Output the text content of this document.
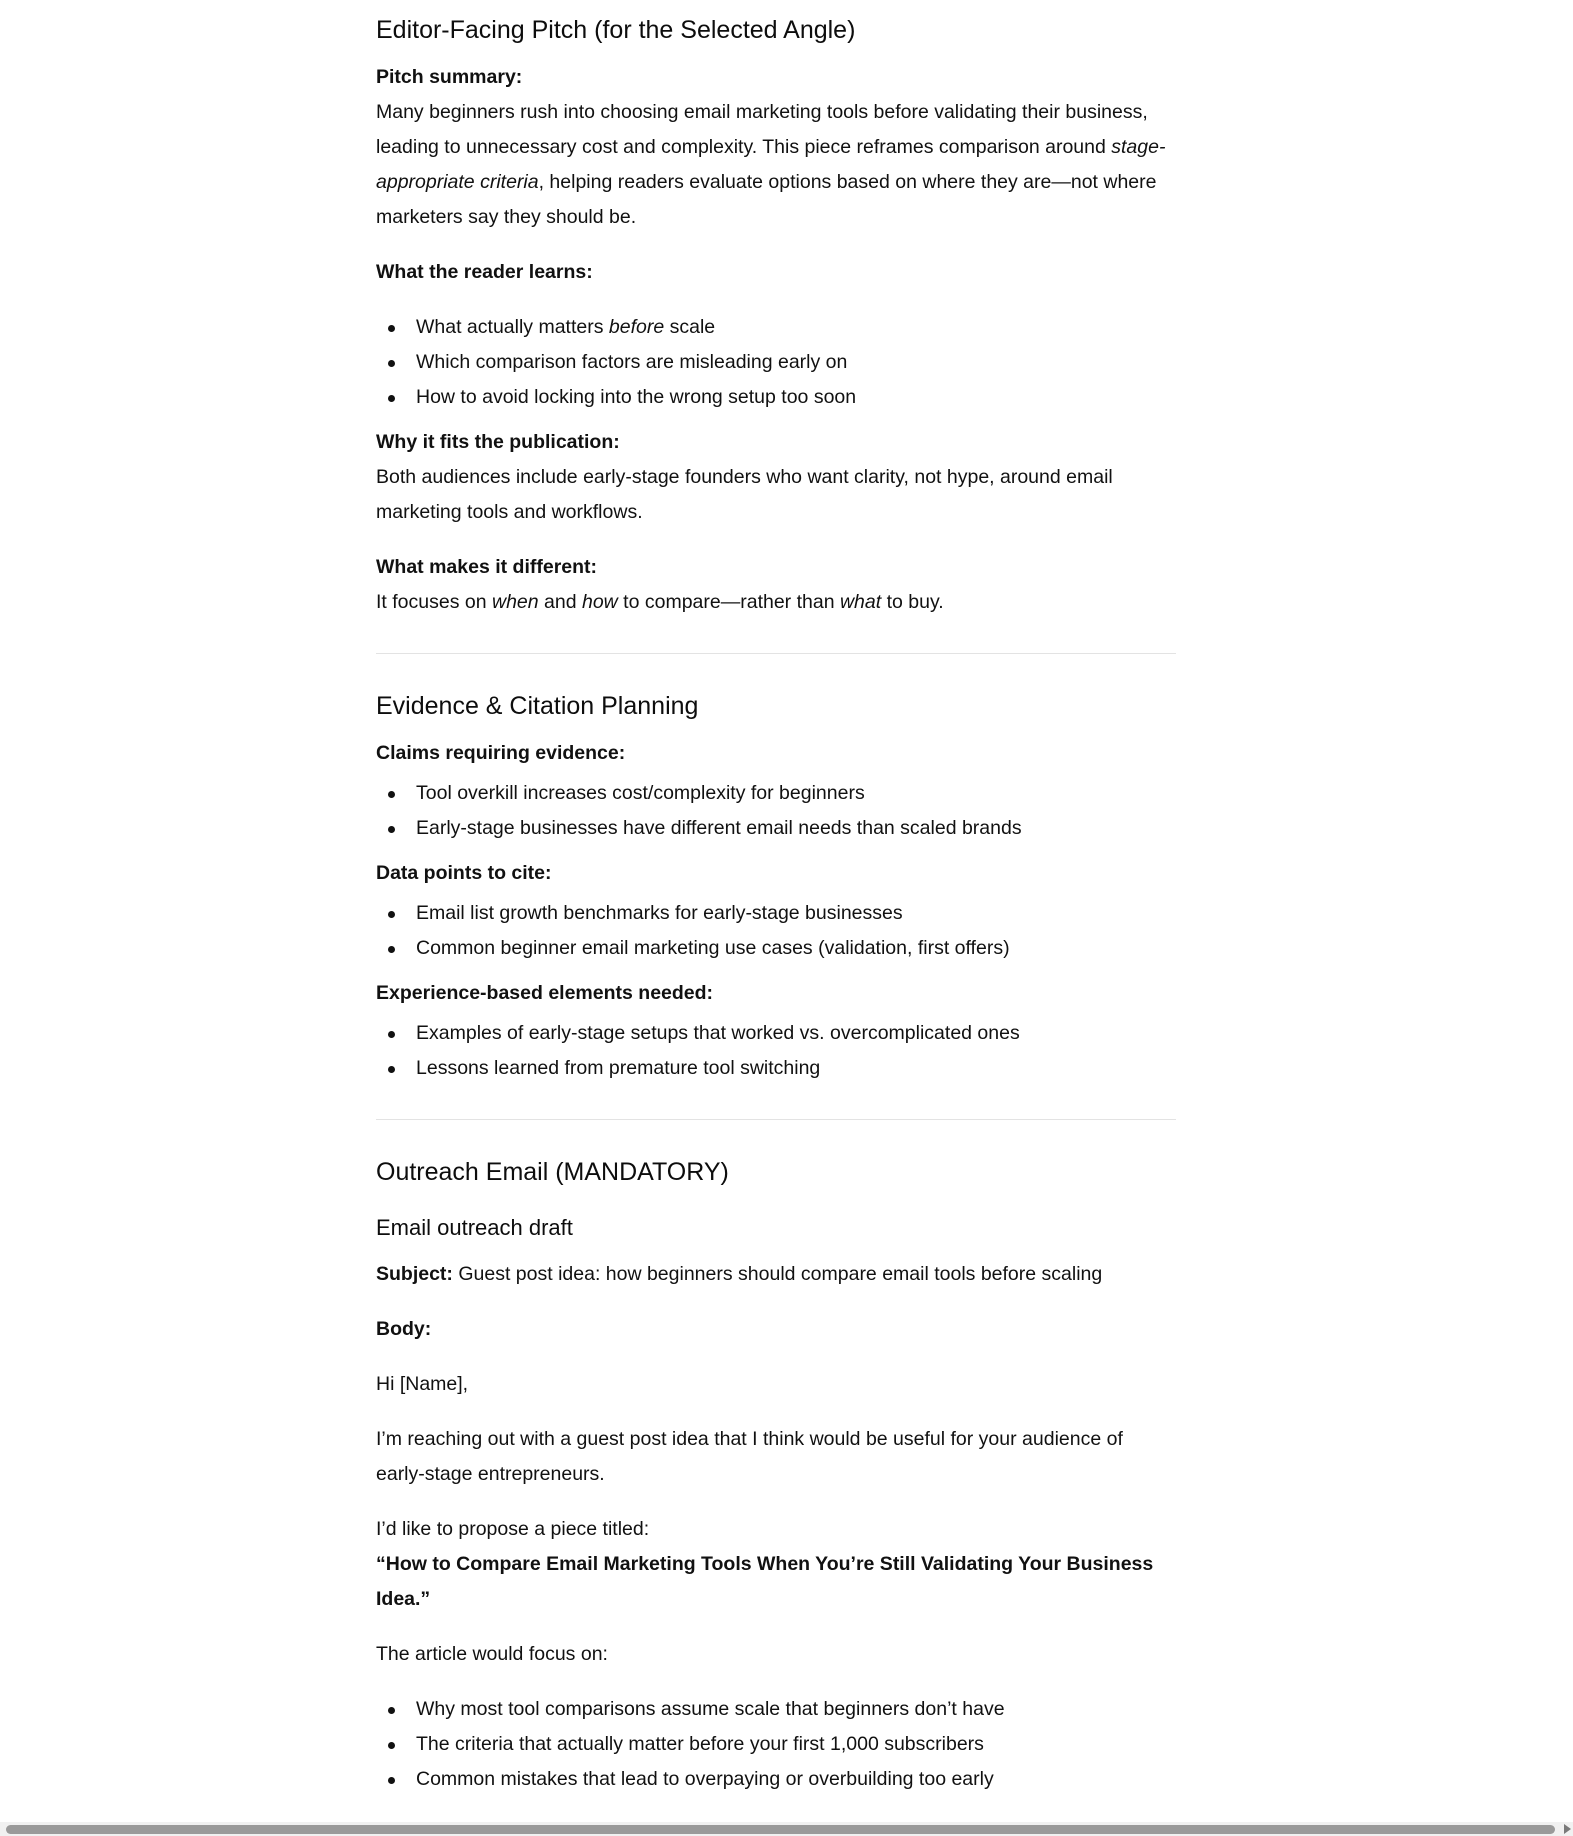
Editor-Facing Pitch (for the Selected Angle)
Pitch summary:

Many beginners rush into choosing email marketing tools before validating their business, leading to unnecessary cost and complexity. This piece reframes comparison around stage-appropriate criteria, helping readers evaluate options based on where they are—not where marketers say they should be.

What the reader learns:
What actually matters before scale
Which comparison factors are misleading early on
How to avoid locking into the wrong setup too soon
Why it fits the publication:

Both audiences include early-stage founders who want clarity, not hype, around email marketing tools and workflows.

What makes it different:

It focuses on when and how to compare—rather than what to buy.

Evidence & Citation Planning
Claims requiring evidence:
Tool overkill increases cost/complexity for beginners
Early-stage businesses have different email needs than scaled brands
Data points to cite:
Email list growth benchmarks for early-stage businesses
Common beginner email marketing use cases (validation, first offers)
Experience-based elements needed:
Examples of early-stage setups that worked vs. overcomplicated ones
Lessons learned from premature tool switching
Outreach Email (MANDATORY)
Email outreach draft

Subject: Guest post idea: how beginners should compare email tools before scaling

Body:

Hi [Name],

I’m reaching out with a guest post idea that I think would be useful for your audience of early-stage entrepreneurs.

I’d like to propose a piece titled:

“How to Compare Email Marketing Tools When You’re Still Validating Your Business Idea.”

The article would focus on:

Why most tool comparisons assume scale that beginners don’t have
The criteria that actually matter before your first 1,000 subscribers
Common mistakes that lead to overpaying or overbuilding too early
